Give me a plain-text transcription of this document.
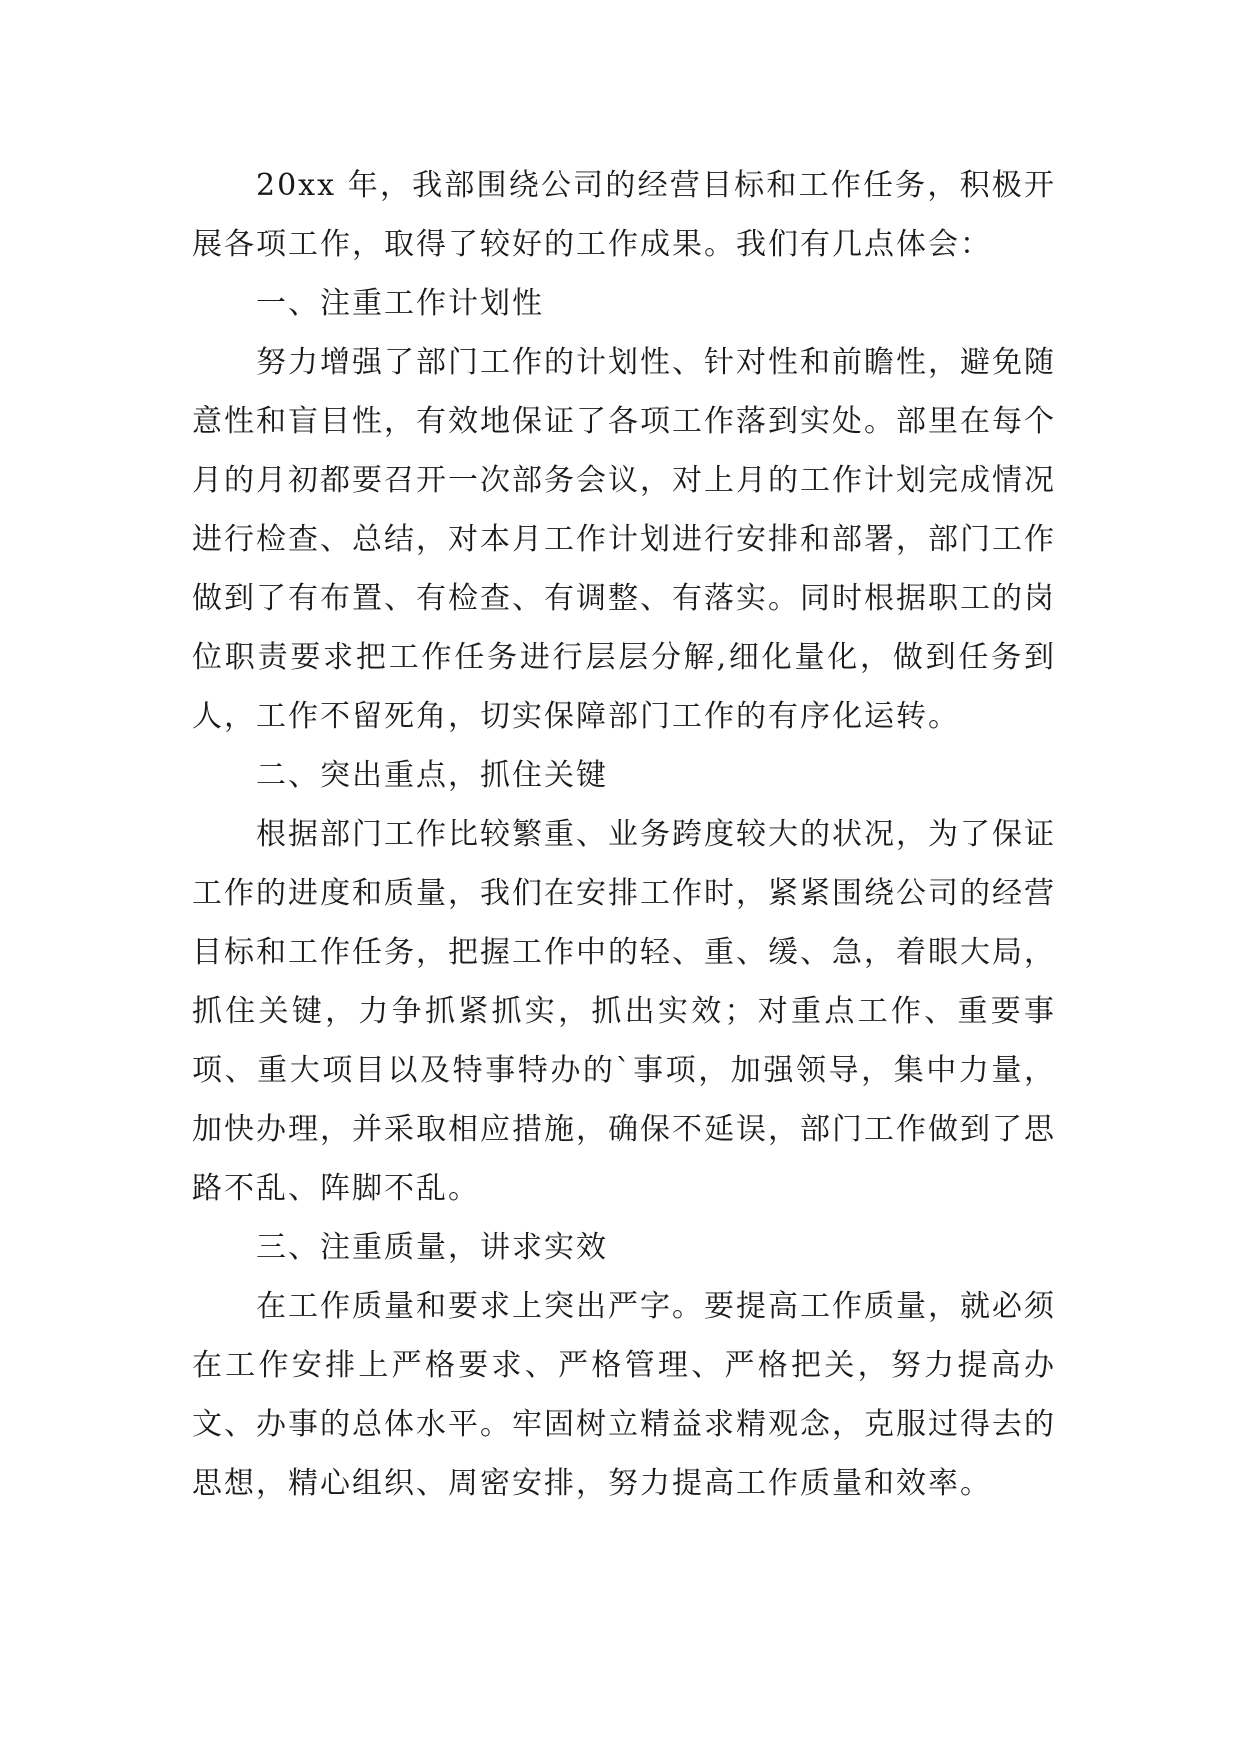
20xx 年，我部围绕公司的经营目标和工作任务，积极开展各项工作，取得了较好的工作成果。我们有几点体会：

一、注重工作计划性

努力增强了部门工作的计划性、针对性和前瞻性，避免随意性和盲目性，有效地保证了各项工作落到实处。部里在每个月的月初都要召开一次部务会议，对上月的工作计划完成情况进行检查、总结，对本月工作计划进行安排和部署，部门工作做到了有布置、有检查、有调整、有落实。同时根据职工的岗位职责要求把工作任务进行层层分解,细化量化，做到任务到人，工作不留死角，切实保障部门工作的有序化运转。

二、突出重点，抓住关键

根据部门工作比较繁重、业务跨度较大的状况，为了保证工作的进度和质量，我们在安排工作时，紧紧围绕公司的经营目标和工作任务，把握工作中的轻、重、缓、急，着眼大局，抓住关键，力争抓紧抓实，抓出实效；对重点工作、重要事项、重大项目以及特事特办的`事项，加强领导，集中力量，加快办理，并采取相应措施，确保不延误，部门工作做到了思路不乱、阵脚不乱。

三、注重质量，讲求实效

在工作质量和要求上突出严字。要提高工作质量，就必须在工作安排上严格要求、严格管理、严格把关，努力提高办文、办事的总体水平。牢固树立精益求精观念，克服过得去的思想，精心组织、周密安排，努力提高工作质量和效率。
